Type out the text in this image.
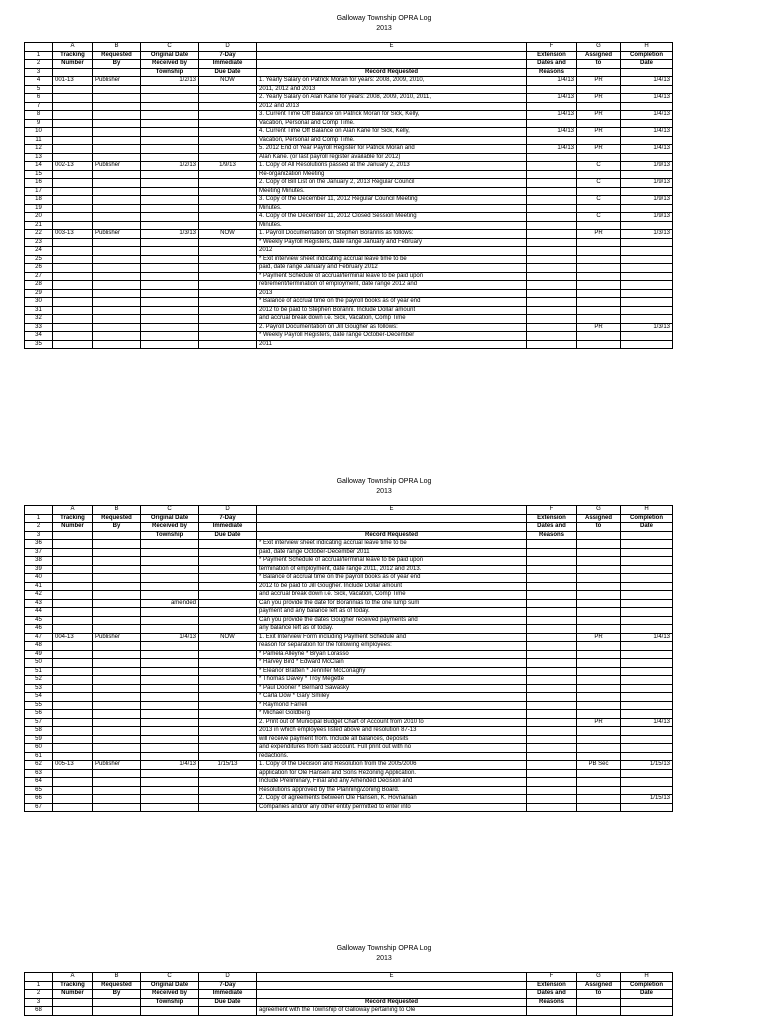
Galloway Township OPRA Log
2013
	A	B	C	D	E	F	G	H
1	Tracking	Requested	Original Date	7-Day		Extension	Assigned	Completion
2	Number	By	Received by	Immediate		Dates and	to	Date
3			Township	Due Date	Record Requested	Reasons		
4	001-13	Publisher	1/2/13	NOW	1. Yearly Salary on Patrick Moran for years: 2008, 2009, 2010,	1/4/13	PR	1/4/13
5					2011, 2012 and 2013			
6					2. Yearly Salary on Alan Kane for years: 2008, 2009, 2010, 2011,	1/4/13	PR	1/4/13
7					2012 and 2013			
8					3. Current Time Off Balance on Patrick Moran for Sick, Kelly,	1/4/13	PR	1/4/13
9					Vacation, Personal and Comp Time.			
10					4. Current Time Off Balance on Alan Kane for Sick, Kelly,	1/4/13	PR	1/4/13
11					Vacation, Personal and Comp Time.			
12					5. 2012 End of Year Payroll Register for Patrick Moran and	1/4/13	PR	1/4/13
13					Alan Kane. (or last payroll register available for 2012)			
14	002-13	Publisher	1/2/13	1/9/13	1. Copy of All Resolutions passed at the January 2, 2013		C	1/9/13
15					Re-organization Meeting			
16					2. Copy of Bill List on the January 2, 2013 Regular Council		C	1/9/13
17					Meeting Minutes.			
18					3. Copy of the December 11, 2012 Regular Council Meeting		C	1/9/13
19					Minutes.			
20					4. Copy of the December 11, 2012 Closed Session Meeting		C	1/9/13
21					Minutes.			
22	003-13	Publisher	1/3/13	NOW	1. Payroll Documentation on Stephen Borannis as follows:		PR	1/3/13
23					* Weekly Payroll Registers, date range January and February			
24					2012			
25					* Exit interview sheet indicating accrual leave time to be			
26					paid, date range January and February 2012			
27					* Payment Schedule of accrual/terminal leave to be paid upon			
28					retirement/termination of employment, date range 2012 and			
29					2013			
30					* Balance of accrual time on the payroll books as of year end			
31					2012 to be paid to Stephen Boranni. Include Dollar amount			
32					and accrual break down i.e. Sick, Vacation, Comp Time			
33					2. Payroll Documentation on Jill Gougher as follows:		PR	1/3/13
34					* Weekly Payroll Registers, date range October-December			
35					2011			
Galloway Township OPRA Log
2013
	A	B	C	D	E	F	G	H
1	Tracking	Requested	Original Date	7-Day		Extension	Assigned	Completion
2	Number	By	Received by	Immediate		Dates and	to	Date
3			Township	Due Date	Record Requested	Reasons		
36					* Exit interview sheet indicating accrual leave time to be			
37					paid, date range October-December 2011			
38					* Payment Schedule of accrual/terminal leave to be paid upon			
39					termination of employment, date range 2011, 2012 and 2013.			
40					* Balance of accrual time on the payroll books as of year end			
41					2012 to be paid to Jill Gougher. Include Dollar amount			
42					and accrual break down i.e. Sick, Vacation, Comp Time			
43			amended		Can you provide the date for Borannias to the one lump sum			
44					payment and any balance left as of today.			
45					Can you provide the dates Gougher received payments and			
46					any balance left as of today.			
47	004-13	Publisher	1/4/13	NOW	1. Exit Interview Form including Payment Schedule and		PR	1/4/13
48					reason for separation for the following employees:			
49					* Pamela Alleyne * Bryan Lorasso			
50					* Harvey Bird * Edward McClain			
51					* Eleanor Bratten * Jennifer McConaghy			
52					* Thomas Davey * Troy Megette			
53					* Paul Dooner * Bernard Sawasky			
54					* Carla Dow * Gary Smiley			
55					* Raymond Farrell			
56					* Michael Goldberg			
57					2. Print out of Municipal Budget Chart of Account from 2010 to		PR	1/4/13
58					2013 in which employees listed above and resolution 87-13			
59					will receive payment from. Include all balances, deposits			
60					and expenditures from said account. Full print out with no			
61					redactions.			
62	005-13	Publisher	1/4/13	1/15/13	1. Copy of the Decision and Resolution from the 2005/2006		PB Sec	1/15/13
63					application for Ole Hansen and Sons Rezoning Application.			
64					Include Preliminary, Final and any Amended Decision and			
65					Resolutions approved by the Planning/Zoning Board.			
66					2. Copy of agreements between Ole Hansen, K. Hovnanian			1/15/13
67					Companies and/or any other entity permitted to enter into			
Galloway Township OPRA Log
2013
	A	B	C	D	E	F	G	H
1	Tracking	Requested	Original Date	7-Day		Extension	Assigned	Completion
2	Number	By	Received by	Immediate		Dates and	to	Date
3			Township	Due Date	Record Requested	Reasons		
68					agreement with the Township of Galloway pertaining to Ole			
